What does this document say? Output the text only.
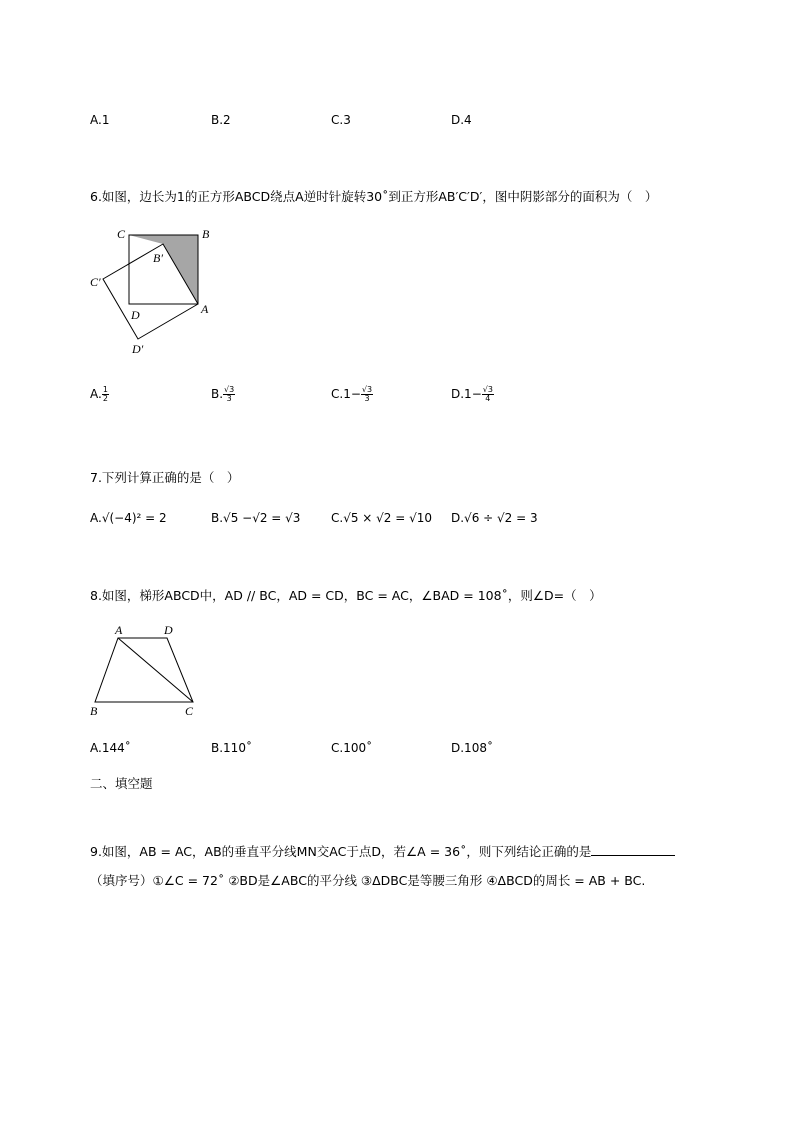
A.1	B.2	C.3	D.4
6.如图，边长为1的正方形ABCD绕点A逆时针旋转30˚到正方形AB′C′D′，图中阴影部分的面积为（　）
C	B
B′
C′
D	A
D′
A. $\frac{1}{2}$	B. $\frac{√3}{3}$	$C.1- \frac{√3}{3}$	$D.1- \frac{√3}{4}$
7.下列计算正确的是（　）
A.√(−4)² = 2	B.√5 −√2 = √3	C.√5 × √2 = √10 D.√6 ÷ √2 = 3
8.如图，梯形ABCD中，AD // BC，AD = CD，BC = AC，∠BAD = 108˚，则∠D=（　）
A	D
B	C
A.144˚	B.110˚	C.100˚	D.108˚
二、填空题
9.如图，AB = AC，AB的垂直平分线MN交AC于点D，若∠A = 36˚，则下列结论正确的是
（填序号）①∠C = 72˚ ②BD是∠ABC的平分线 ③ΔDBC是等腰三角形 ④ΔBCD的周长 = AB + BC.
